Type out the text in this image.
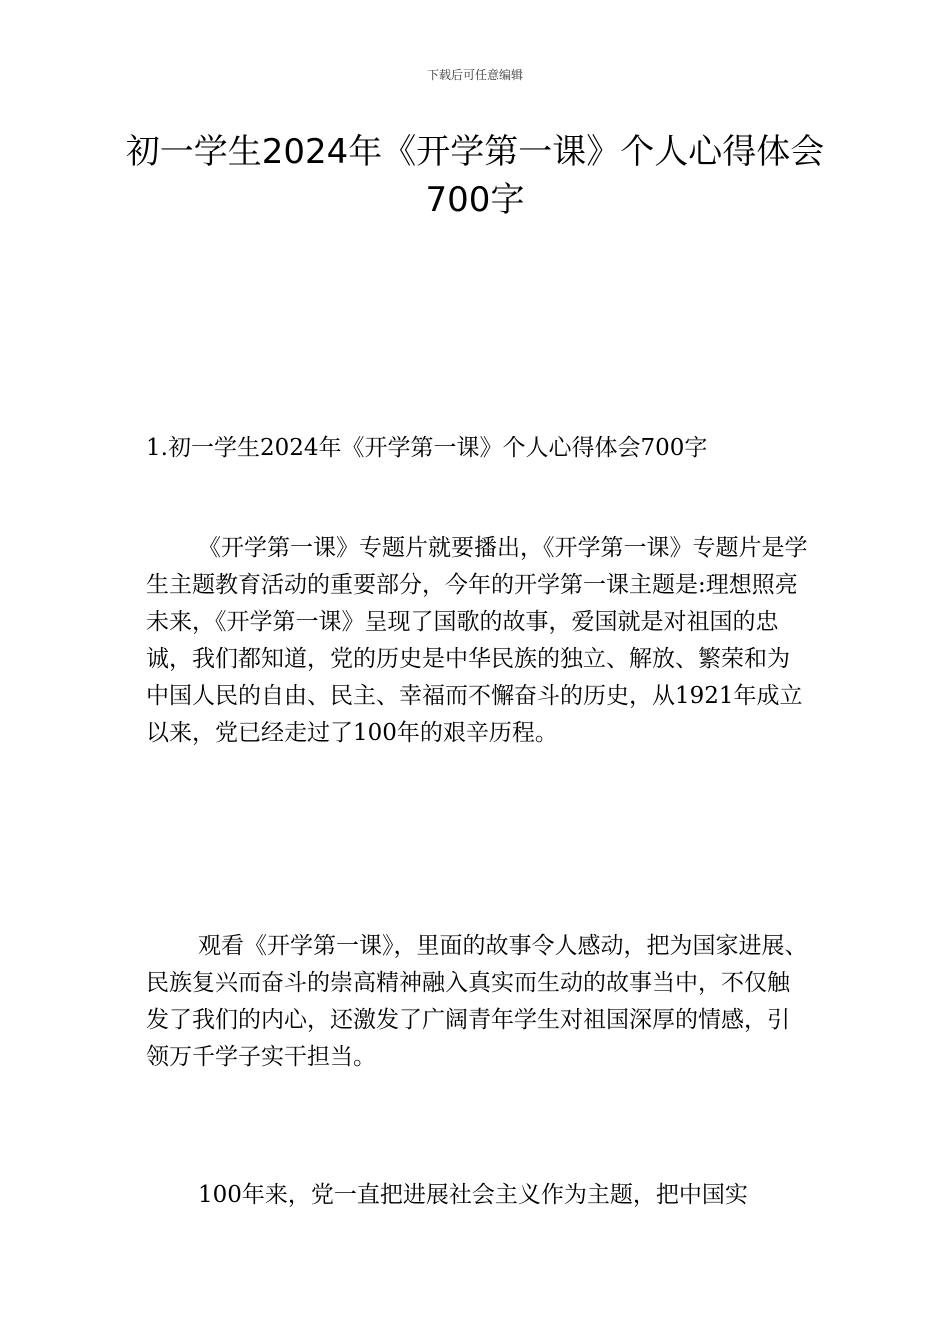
下载后可任意编辑
初一学生2024年《开学第一课》个人心得体会700字
1.初一学生2024年《开学第一课》个人心得体会700字

《开学第一课》专题片就要播出，《开学第一课》专题片是学生主题教育活动的重要部分，今年的开学第一课主题是:理想照亮未来，《开学第一课》呈现了国歌的故事，爱国就是对祖国的忠诚，我们都知道，党的历史是中华民族的独立、解放、繁荣和为中国人民的自由、民主、幸福而不懈奋斗的历史，从1921年成立以来，党已经走过了100年的艰辛历程。

观看《开学第一课》，里面的故事令人感动，把为国家进展、民族复兴而奋斗的崇高精神融入真实而生动的故事当中，不仅触发了我们的内心，还激发了广阔青年学生对祖国深厚的情感，引领万千学子实干担当。

100年来，党一直把进展社会主义作为主题，把中国实
